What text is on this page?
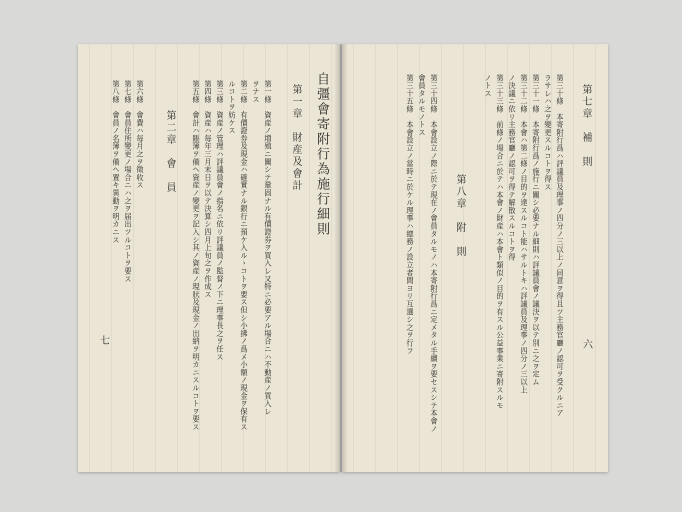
自彊會寄附行為施行細則
第一章　財産及會計
第一條　資産ノ増殖ニ關シテ鞏固ナル有價證券ヲ買入レ又特ニ必要アル場合ニハ不動産ノ買入レ
ヲナス
第二條　有價證券及現金ハ確實ナル銀行ニ預ケ入ルヽコトヲ要ス但シ小拂ノ爲メ小額ノ現金ヲ保有ス
ルコトヲ妨ケス
第三條　資産ノ管理ハ評議員會ノ指名ニ依リ評議員ノ監督ノ下ニ理事長之ヲ任ス
第四條　資産ハ毎年三月末日ヲ以テ決算シ四月上旬之ヲ作成ス
第五條　會計ハ賬簿ヲ備ヘ資産ノ變更ヲ記入シ其ノ資産ノ現狀及現金ノ出納ヲ明カニスルコトヲ要ス
第二章　會　員
第六條　會費ハ毎月之ヲ徵收ス
第七條　會員住所變更ノ場合ニハ之ヲ届出ツルコトヲ要ス
第八條　會員ノ名簿ヲ備ヘ置キ異動ヲ明カニス
七
第七章　補　則
第三十條　本寄附行爲ハ評議員及理事ノ四分ノ三以上ノ同意ヲ得且ツ主務官廳ノ認可ヲ受クルニア
ラサレハ之ヲ變更スルコトヲ得ス
第三十一條　本寄附行爲ノ施行ニ關シ必要ナル細則ハ評議員會ノ議決ヲ以テ別ニ之ヲ定ム
第三十二條　本會ハ第二條ノ目的ヲ達スルコト能ハサルトキハ評議員及理事ノ四分ノ三以上
ノ決議ニ依リ主務官廳ノ認可ヲ得テ解散スルコトヲ得
第三十三條　前條ノ場合ニ於テハ本會ノ財産ハ本會ト類似ノ目的ヲ有スル公益事業ニ寄附スルモ
ノトス
第八章　附　則
第三十四條　本會設立ノ際ニ於テ現在ノ會員タルモノハ本寄附行爲ニ定メタル手續ヲ要セスシテ本會ノ
會員タルモノトス
第三十五條　本會設立ノ當時ニ於ケル理事ハ總務ノ設立者間ヨリ互選シ之ヲ行フ	六
